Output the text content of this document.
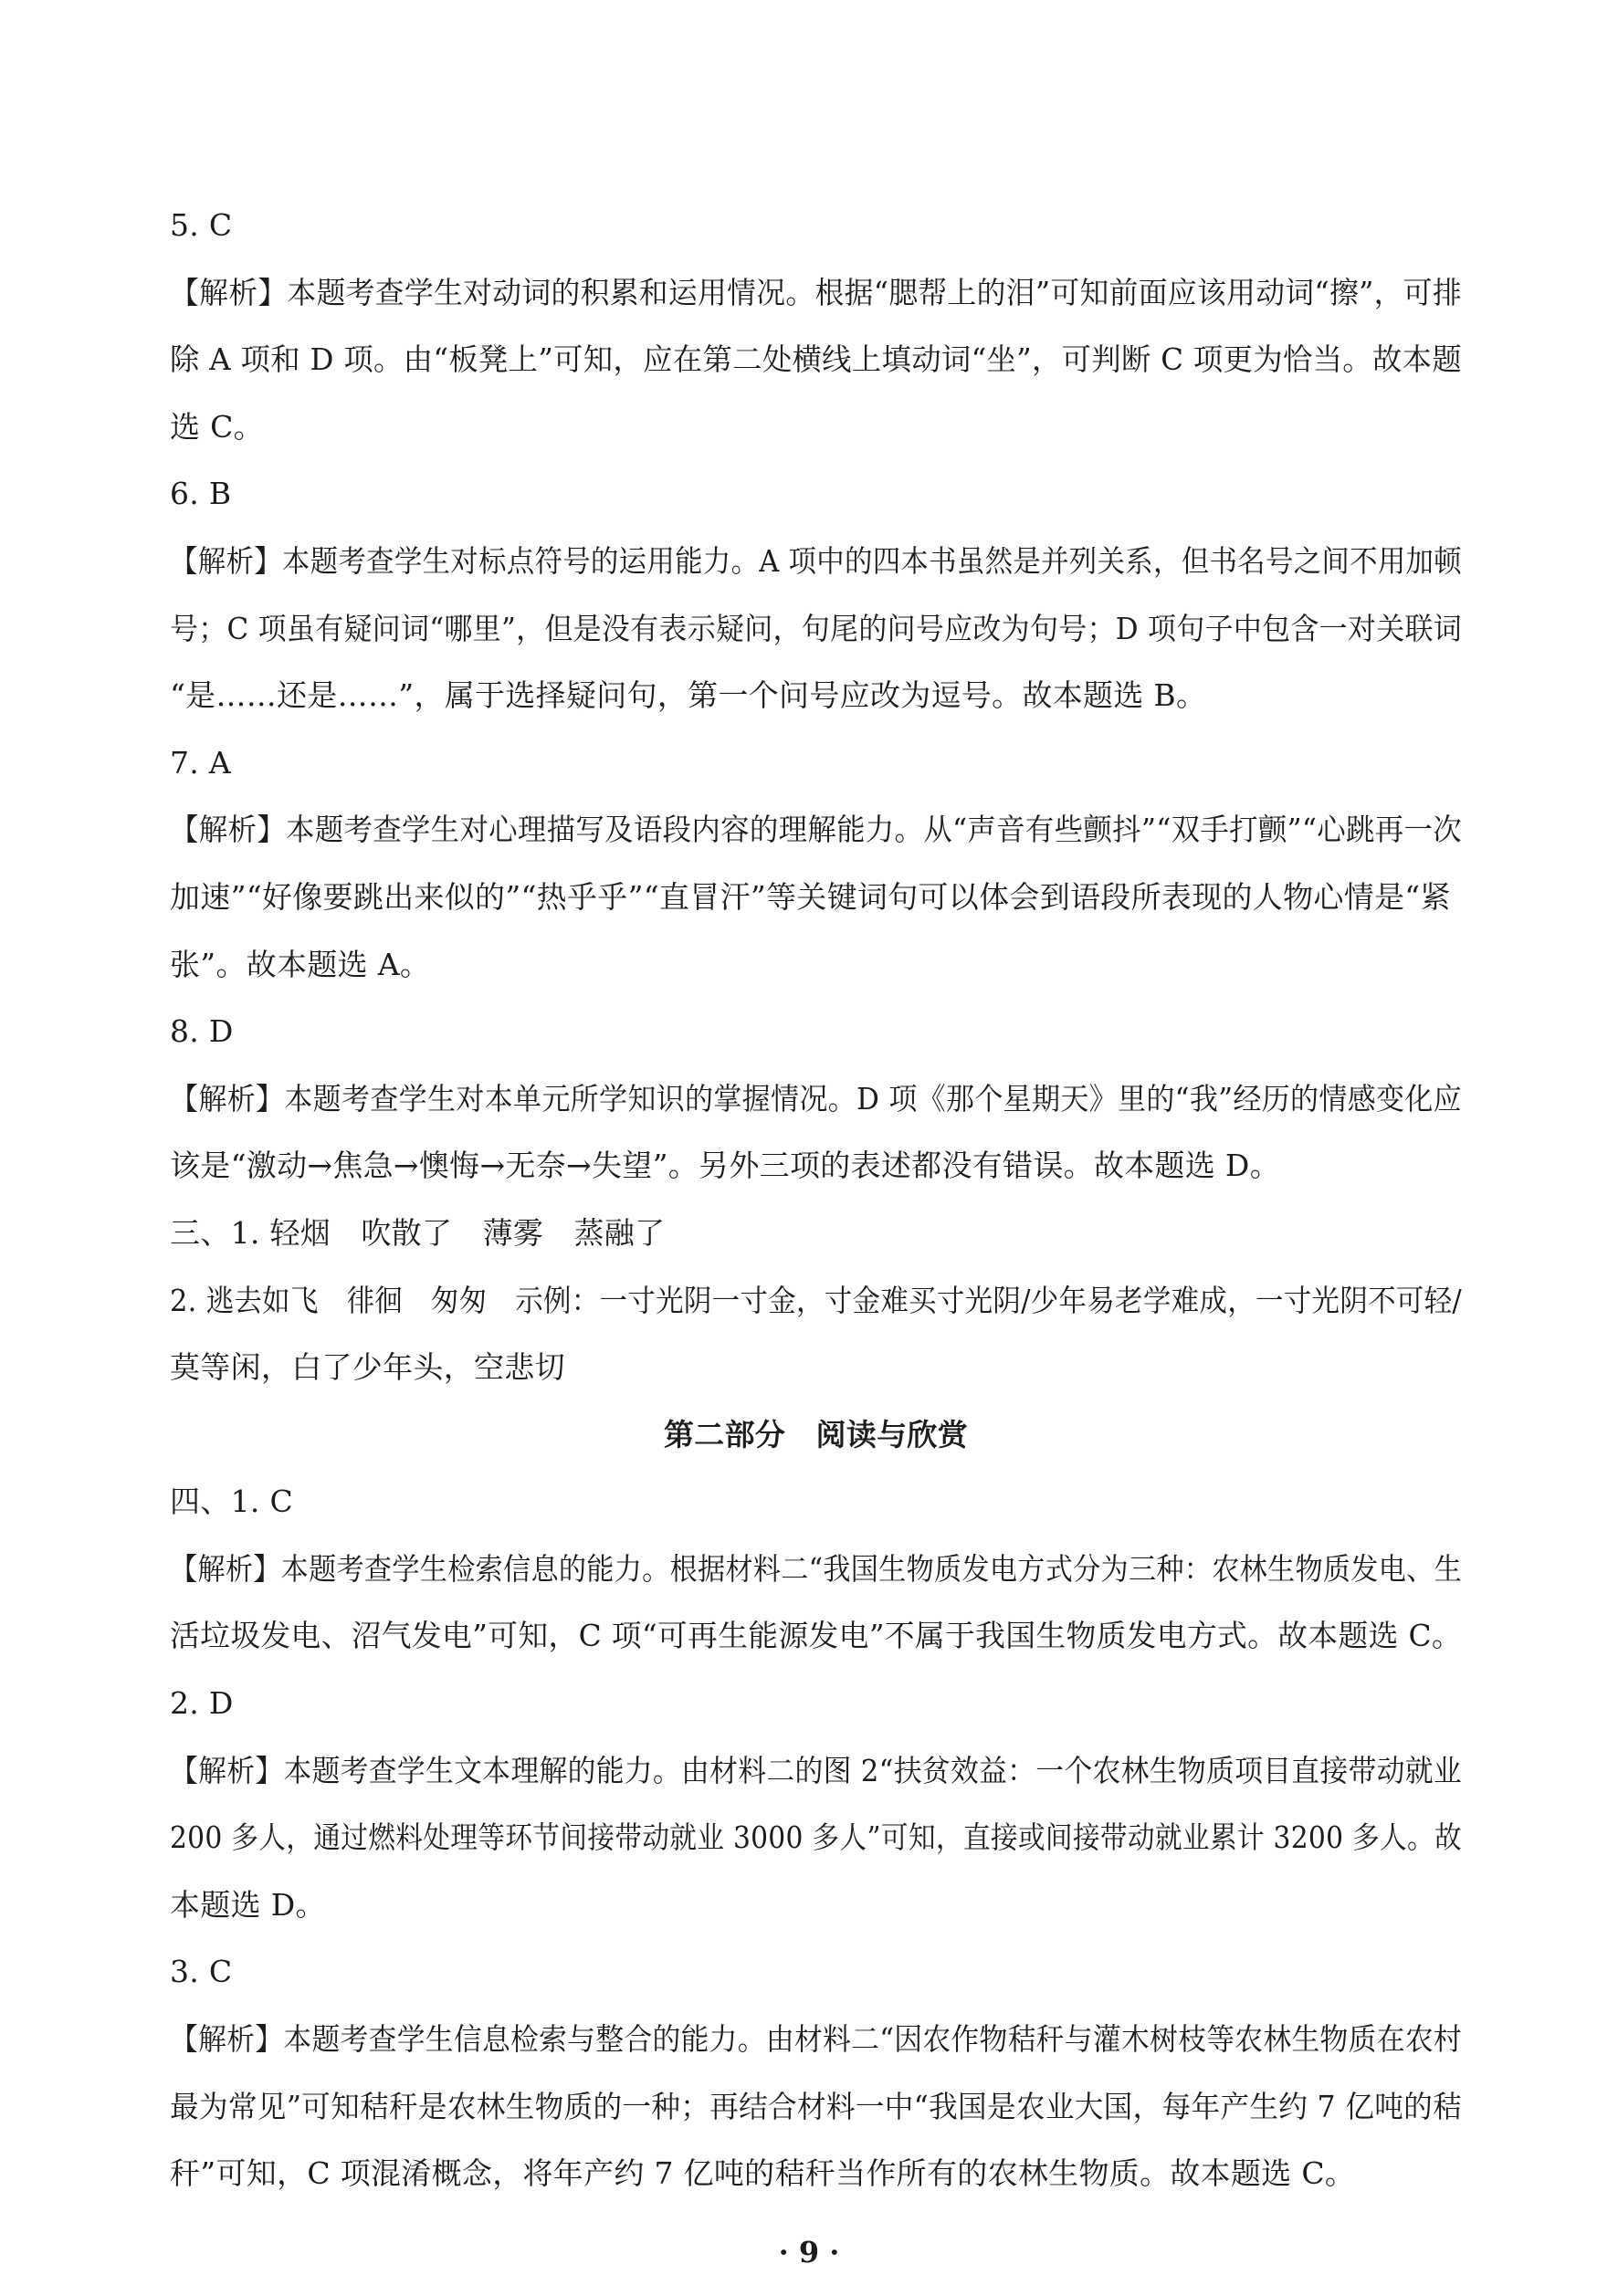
5. C
【解析】本题考查学生对动词的积累和运用情况。根据“腮帮上的泪”可知前面应该用动词“擦”，可排
除 A 项和 D 项。由“板凳上”可知，应在第二处横线上填动词“坐”，可判断 C 项更为恰当。故本题
选 C。
6. B
【解析】本题考查学生对标点符号的运用能力。A 项中的四本书虽然是并列关系，但书名号之间不用加顿
号；C 项虽有疑问词“哪里”，但是没有表示疑问，句尾的问号应改为句号；D 项句子中包含一对关联词
“是……还是……”，属于选择疑问句，第一个问号应改为逗号。故本题选 B。
7. A
【解析】本题考查学生对心理描写及语段内容的理解能力。从“声音有些颤抖”“双手打颤”“心跳再一次
加速”“好像要跳出来似的”“热乎乎”“直冒汗”等关键词句可以体会到语段所表现的人物心情是“紧
张”。故本题选 A。
8. D
【解析】本题考查学生对本单元所学知识的掌握情况。D 项《那个星期天》里的“我”经历的情感变化应
该是“激动→焦急→懊悔→无奈→失望”。另外三项的表述都没有错误。故本题选 D。
三、1. 轻烟　吹散了　薄雾　蒸融了
2. 逃去如飞　徘徊　匆匆　示例：一寸光阴一寸金，寸金难买寸光阴/少年易老学难成，一寸光阴不可轻/
莫等闲，白了少年头，空悲切
第二部分　阅读与欣赏
四、1. C
【解析】本题考查学生检索信息的能力。根据材料二“我国生物质发电方式分为三种：农林生物质发电、生
活垃圾发电、沼气发电”可知，C 项“可再生能源发电”不属于我国生物质发电方式。故本题选 C。
2. D
【解析】本题考查学生文本理解的能力。由材料二的图 2“扶贫效益：一个农林生物质项目直接带动就业
200 多人，通过燃料处理等环节间接带动就业 3000 多人”可知，直接或间接带动就业累计 3200 多人。故
本题选 D。
3. C
【解析】本题考查学生信息检索与整合的能力。由材料二“因农作物秸秆与灌木树枝等农林生物质在农村
最为常见”可知秸秆是农林生物质的一种；再结合材料一中“我国是农业大国，每年产生约 7 亿吨的秸
秆”可知，C 项混淆概念，将年产约 7 亿吨的秸秆当作所有的农林生物质。故本题选 C。
· 9 ·
